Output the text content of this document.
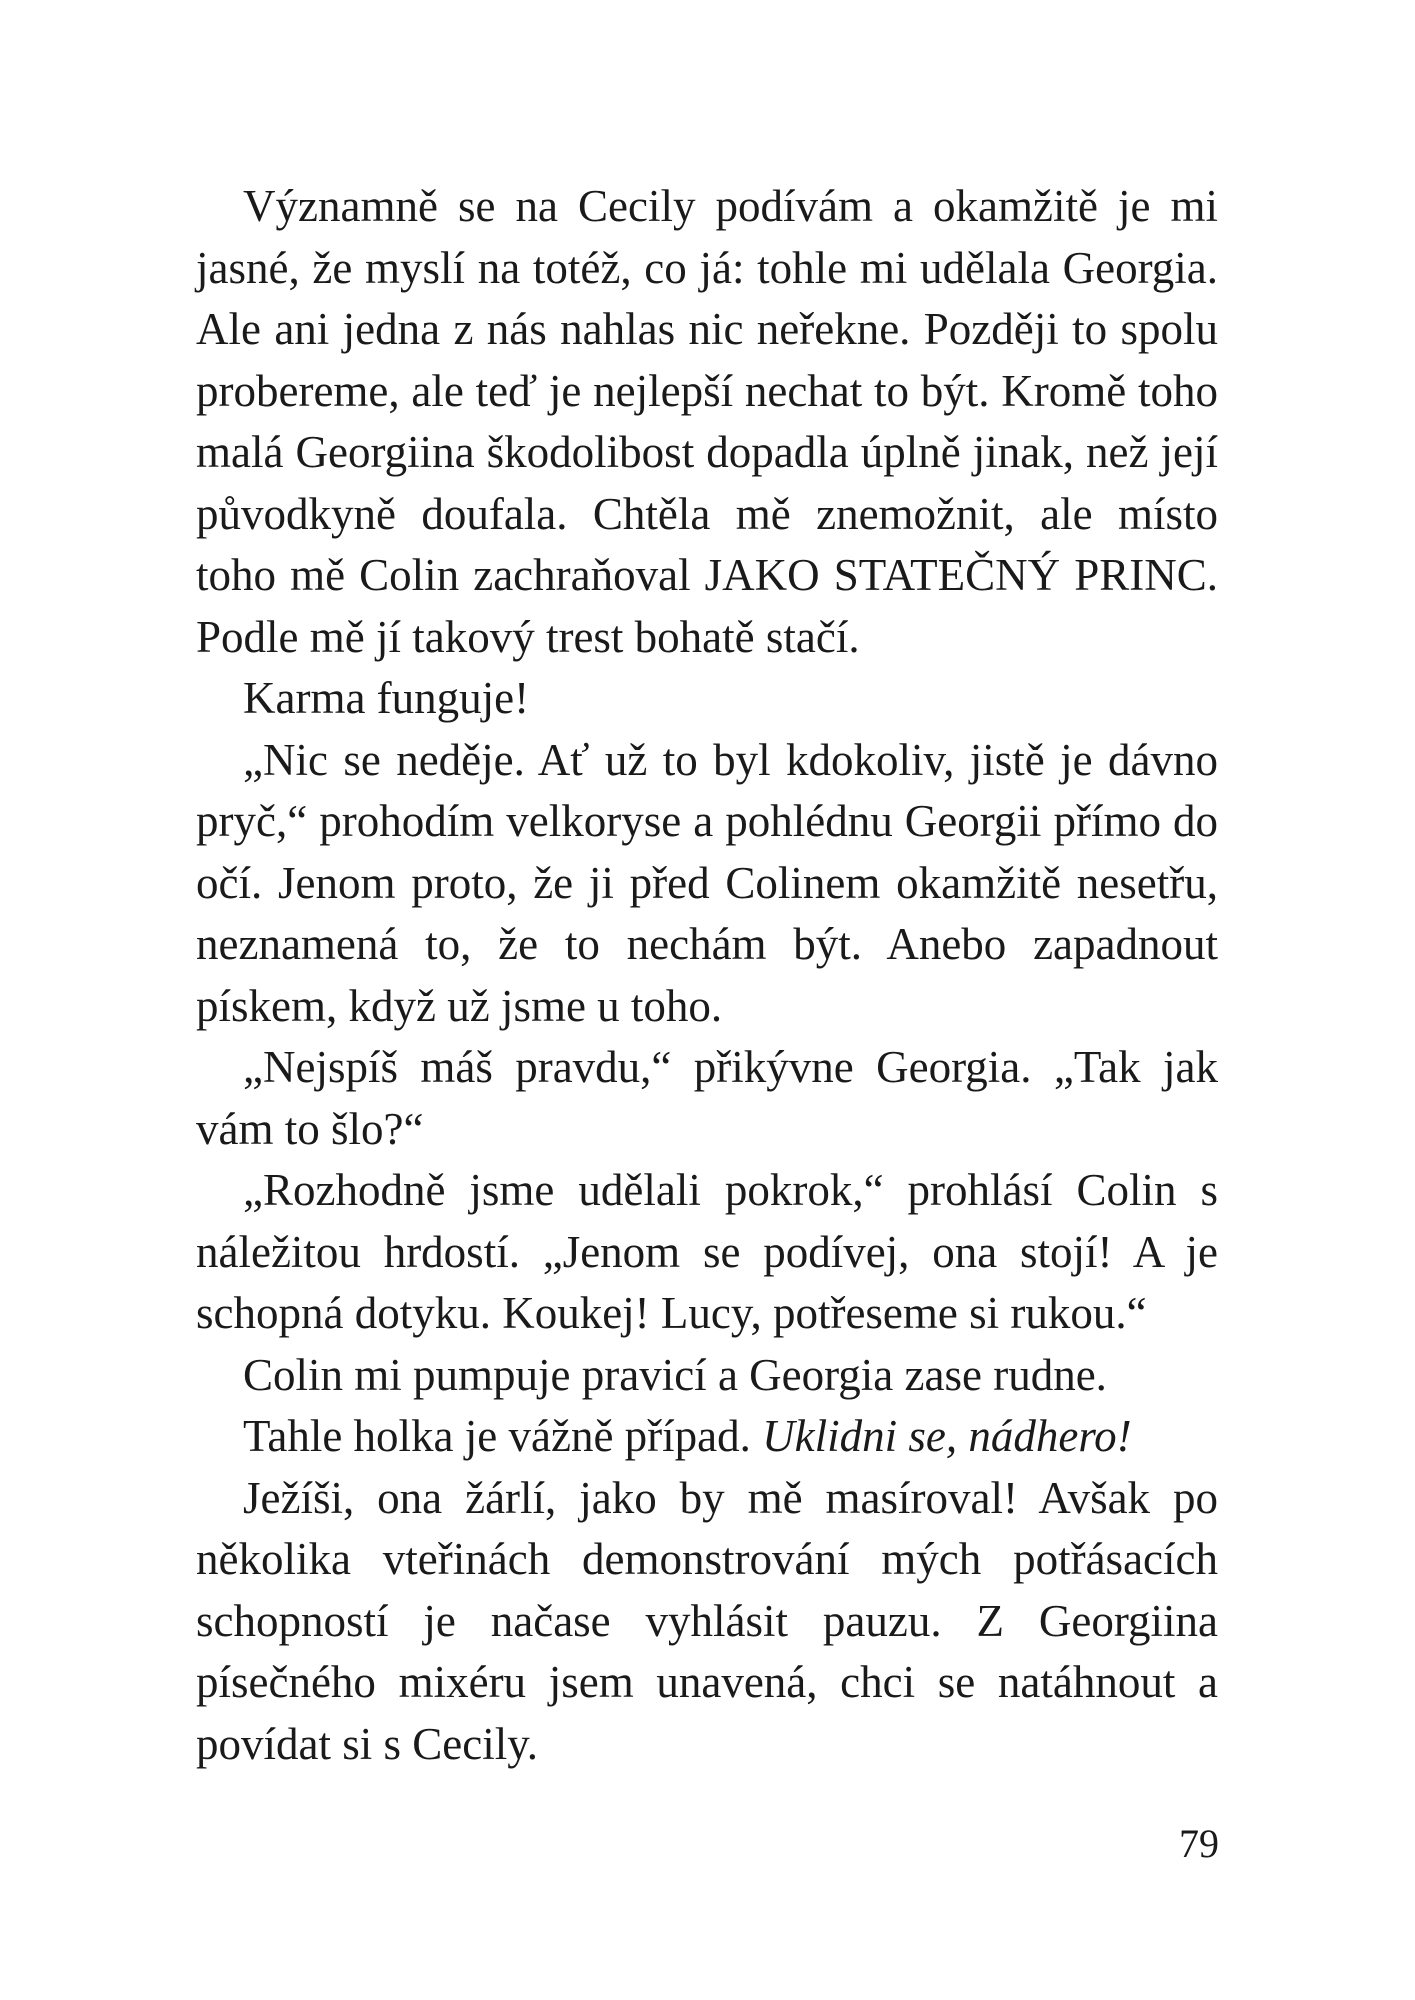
Významně se na Cecily podívám a okamžitě je mi jasné, že myslí na totéž, co já: tohle mi udělala Georgia. Ale ani jedna z nás nahlas nic neřekne. Později to spolu probereme, ale teď je nejlepší nechat to být. Kromě toho malá Georgiina škodolibost dopadla úplně jinak, než její původkyně doufala. Chtěla mě znemožnit, ale místo toho mě Colin zachraňoval JAKO STATEČNÝ PRINC. Podle mě jí takový trest bohatě stačí.

Karma funguje!

„Nic se neděje. Ať už to byl kdokoliv, jistě je dávno pryč,“ prohodím velkoryse a pohlédnu Georgii přímo do očí. Jenom proto, že ji před Colinem okamžitě nesetřu, neznamená to, že to nechám být. Anebo zapadnout pískem, když už jsme u toho.

„Nejspíš máš pravdu,“ přikývne Georgia. „Tak jak vám to šlo?“

„Rozhodně jsme udělali pokrok,“ prohlásí Colin s náležitou hrdostí. „Jenom se podívej, ona stojí! A je schopná dotyku. Koukej! Lucy, potřeseme si rukou.“

Colin mi pumpuje pravicí a Georgia zase rudne.

Tahle holka je vážně případ. Uklidni se, nádhero!

Ježíši, ona žárlí, jako by mě masíroval! Avšak po několika vteřinách demonstrování mých potřásacích schopností je načase vyhlásit pauzu. Z Georgiina písečného mixéru jsem unavená, chci se natáhnout a povídat si s Cecily.

79
